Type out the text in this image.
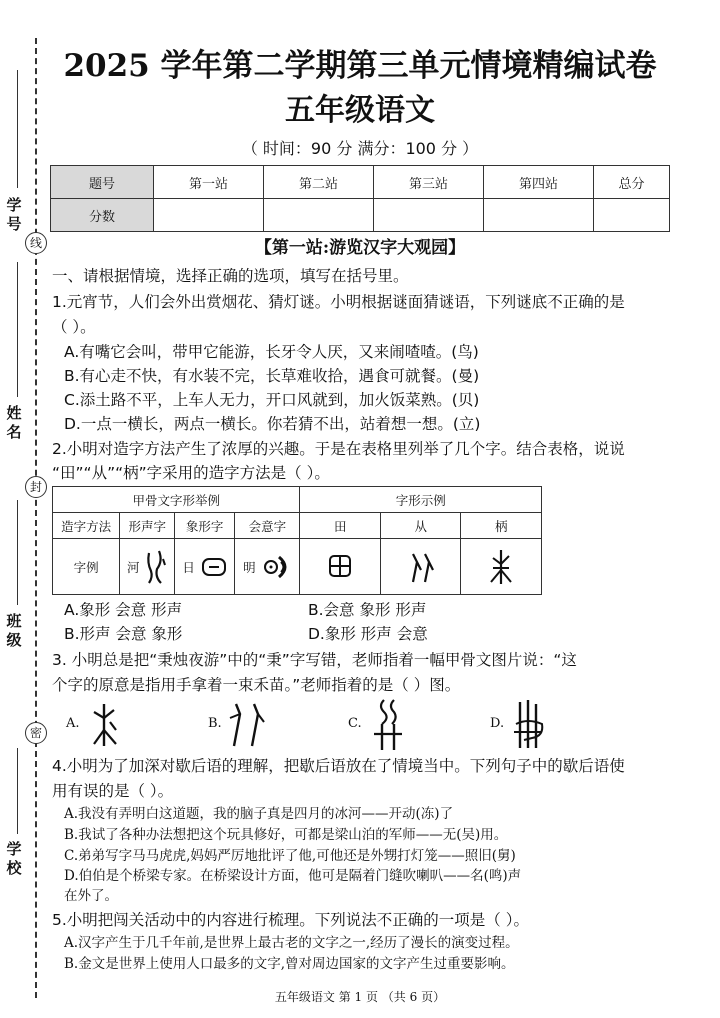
学号
线
姓名
封
班级
密
学校
2025 学年第二学期第三单元情境精编试卷
五年级语文
（ 时间：90 分 满分：100 分 ）
题号	第一站	第二站	第三站	第四站	总分
分数					
【第一站:游览汉字大观园】
一、请根据情境，选择正确的选项，填写在括号里。
1.元宵节，人们会外出赏烟花、猜灯谜。小明根据谜面猜谜语，下列谜底不正确的是
（ ）。
A.有嘴它会叫，带甲它能游，长牙令人厌，又来闹喳喳。(鸟)
B.有心走不快，有水装不完，长草难收拾，遇食可就餐。(曼)
C.添土路不平，上车人无力，开口风就到，加火饭菜熟。(贝)
D.一点一横长，两点一横长。你若猜不出，站着想一想。(立)
2.小明对造字方法产生了浓厚的兴趣。于是在表格里列举了几个字。结合表格，说说
“田”“从”“柄”字采用的造字方法是（ ）。
甲骨文字形举例				字形示例		
造字方法	形声字	象形字	会意字	田	从	柄
字例	河	日	明

A.象形 会意 形声	B.会意 象形 形声
B.形声 会意 象形	D.象形 形声 会意
3. 小明总是把“秉烛夜游”中的“秉”字写错，老师指着一幅甲骨文图片说：“这
个字的原意是指用手拿着一束禾苗。”老师指着的是（ ）图。
A.	B.	C.	D.
4.小明为了加深对歇后语的理解，把歇后语放在了情境当中。下列句子中的歇后语使
用有误的是（ ）。
A.我没有弄明白这道题，我的脑子真是四月的冰河——开动(冻)了
B.我试了各种办法想把这个玩具修好，可都是梁山泊的军师——无(吴)用。
C.弟弟写字马马虎虎,妈妈严厉地批评了他,可他还是外甥打灯笼——照旧(舅)
D.伯伯是个桥梁专家。在桥梁设计方面，他可是隔着门缝吹喇叭——名(鸣)声
在外了。
5.小明把闯关活动中的内容进行梳理。下列说法不正确的一项是（ ）。
A.汉字产生于几千年前,是世界上最古老的文字之一,经历了漫长的演变过程。
B.金文是世界上使用人口最多的文字,曾对周边国家的文字产生过重要影响。
五年级语文 第 1 页 （共 6 页）
